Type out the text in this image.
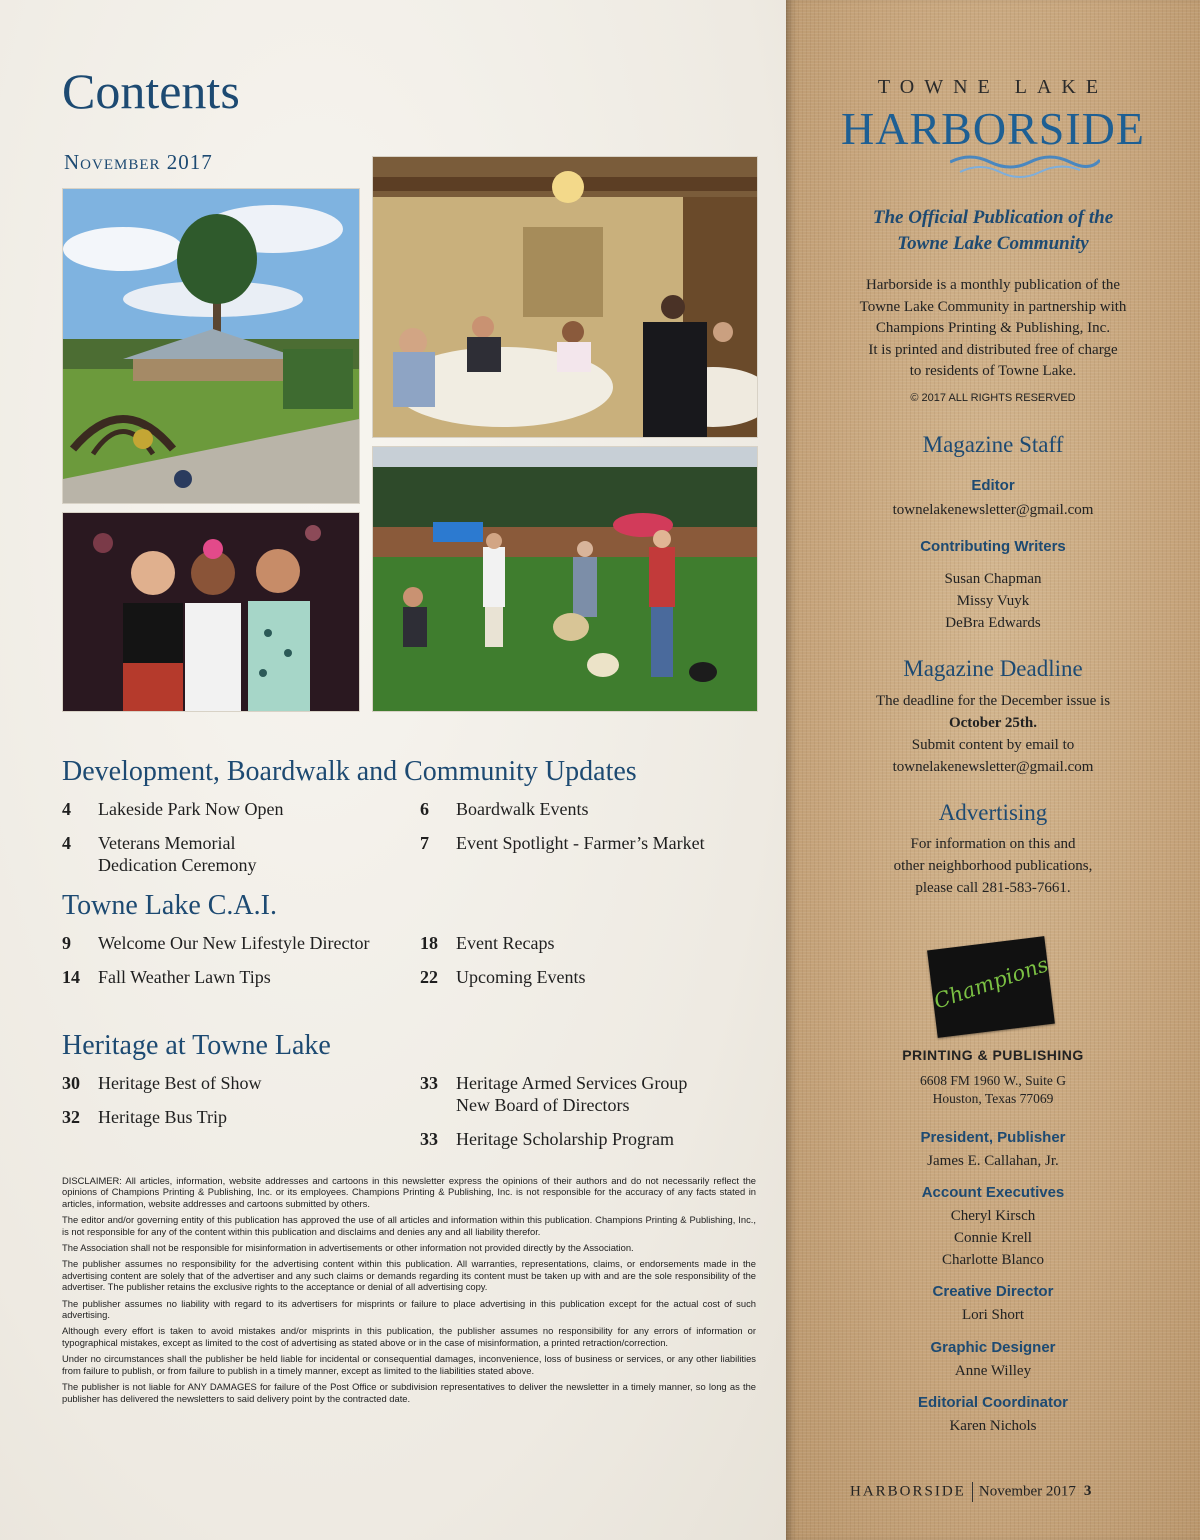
Contents
November 2017
Development, Boardwalk and Community Updates
4 Lakeside Park Now Open
4 Veterans Memorial
Dedication Ceremony
6 Boardwalk Events
7 Event Spotlight - Farmer’s Market
Towne Lake C.A.I.
9 Welcome Our New Lifestyle Director
14 Fall Weather Lawn Tips
18 Event Recaps
22 Upcoming Events
Heritage at Towne Lake
30 Heritage Best of Show
32 Heritage Bus Trip
33 Heritage Armed Services Group
New Board of Directors
33 Heritage Scholarship Program

DISCLAIMER: All articles, information, website addresses and cartoons in this newsletter express the opinions of their authors and do not necessarily reflect the opinions of Champions Printing & Publishing, Inc. or its employees. Champions Printing & Publishing, Inc. is not responsible for the accuracy of any facts stated in articles, information, website addresses and cartoons submitted by others.

The editor and/or governing entity of this publication has approved the use of all articles and information within this publication. Champions Printing & Publishing, Inc., is not responsible for any of the content within this publication and disclaims and denies any and all liability therefor.

The Association shall not be responsible for misinformation in advertisements or other information not provided directly by the Association.

The publisher assumes no responsibility for the advertising content within this publication. All warranties, representations, claims, or endorsements made in the advertising content are solely that of the advertiser and any such claims or demands regarding its content must be taken up with and are the sole responsibility of the advertiser. The publisher retains the exclusive rights to the acceptance or denial of all advertising copy.

The publisher assumes no liability with regard to its advertisers for misprints or failure to place advertising in this publication except for the actual cost of such advertising.

Although every effort is taken to avoid mistakes and/or misprints in this publication, the publisher assumes no responsibility for any errors of information or typographical mistakes, except as limited to the cost of advertising as stated above or in the case of misinformation, a printed retraction/correction.

Under no circumstances shall the publisher be held liable for incidental or consequential damages, inconvenience, loss of business or services, or any other liabilities from failure to publish, or from failure to publish in a timely manner, except as limited to the liabilities stated above.

The publisher is not liable for ANY DAMAGES for failure of the Post Office or subdivision representatives to deliver the newsletter in a timely manner, so long as the publisher has delivered the newsletters to said delivery point by the contracted date.

TOWNE LAKE
HARBORSIDE
The Official Publication of the
Towne Lake Community
Harborside is a monthly publication of the
Towne Lake Community in partnership with
Champions Printing & Publishing, Inc.
It is printed and distributed free of charge
to residents of Towne Lake.
© 2017 ALL RIGHTS RESERVED
Magazine Staff
Editor
townelakenewsletter@gmail.com
Contributing Writers
Susan Chapman
Missy Vuyk
DeBra Edwards
Magazine Deadline
The deadline for the December issue is
October 25th.
Submit content by email to
townelakenewsletter@gmail.com
Advertising
For information on this and
other neighborhood publications,
please call 281-583-7661.
Champions
PRINTING & PUBLISHING
6608 FM 1960 W., Suite G
Houston, Texas 77069
President, Publisher
James E. Callahan, Jr.
Account Executives
Cheryl Kirsch
Connie Krell
Charlotte Blanco
Creative Director
Lori Short
Graphic Designer
Anne Willey
Editorial Coordinator
Karen Nichols
HARBORSIDE November 2017 3
